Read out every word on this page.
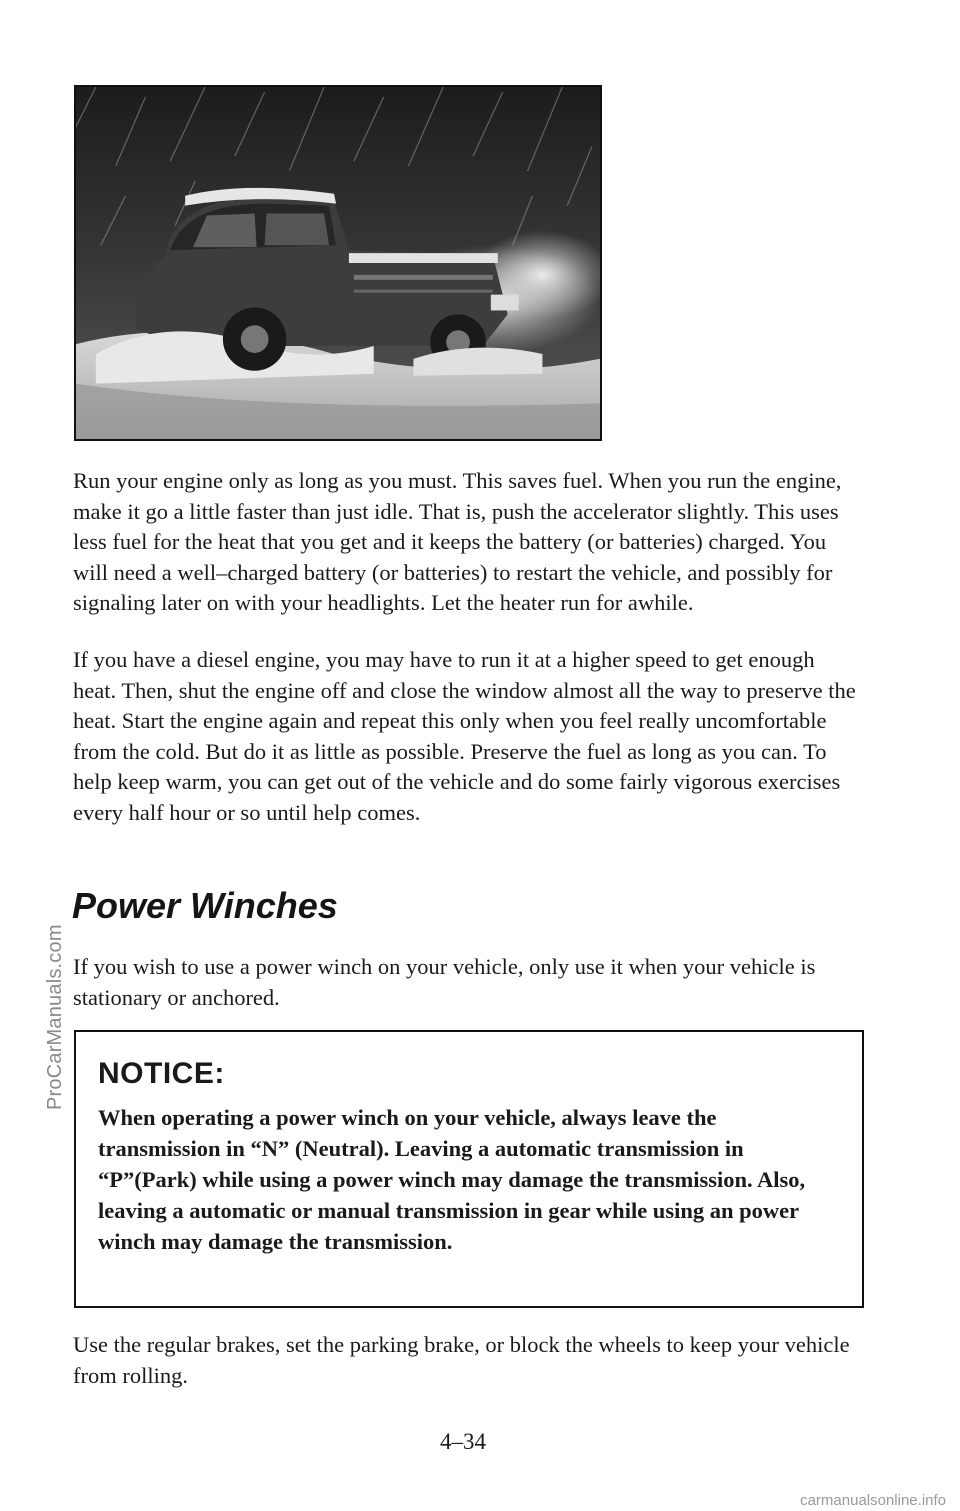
Run your engine only as long as you must. This saves fuel. When you run the engine, make it go a little faster than just idle. That is, push the accelerator slightly. This uses less fuel for the heat that you get and it keeps the battery (or batteries) charged. You will need a well–charged battery (or batteries) to restart the vehicle, and possibly for signaling later on with your headlights. Let the heater run for awhile.

If you have a diesel engine, you may have to run it at a higher speed to get enough heat. Then, shut the engine off and close the window almost all the way to preserve the heat. Start the engine again and repeat this only when you feel really uncomfortable from the cold. But do it as little as possible. Preserve the fuel as long as you can. To help keep warm, you can get out of the vehicle and do some fairly vigorous exercises every half hour or so until help comes.

Power Winches

If you wish to use a power winch on your vehicle, only use it when your vehicle is stationary or anchored.

NOTICE:

When operating a power winch on your vehicle, always leave the transmission in “N” (Neutral). Leaving a automatic transmission in “P”(Park) while using a power winch may damage the transmission. Also, leaving a automatic or manual transmission in gear while using an power winch may damage the transmission.

Use the regular brakes, set the parking brake, or block the wheels to keep your vehicle from rolling.

4–34

ProCarManuals.com
carmanualsonline.info
